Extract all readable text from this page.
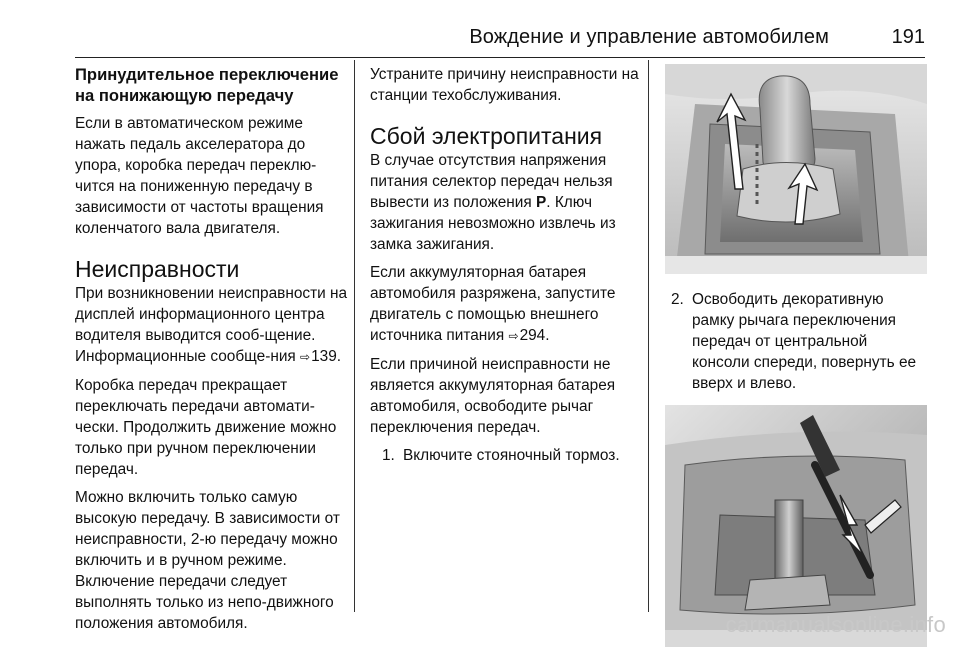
Вождение и управление автомобилем	191
Принудительное переключение на понижающую передачу
Если в автоматическом режиме нажать педаль акселератора до упора, коробка передач переклю-чится на пониженную передачу в зависимости от частоты вращения коленчатого вала двигателя.
Неисправности
При возникновении неисправности на дисплей информационного центра водителя выводится сооб-щение. Информационные сообще-ния ⇨139.
Коробка передач прекращает переключать передачи автомати-чески. Продолжить движение можно только при ручном переключении передач.
Можно включить только самую высокую передачу. В зависимости от неисправности, 2-ю передачу можно включить и в ручном режиме. Включение передачи следует выполнять только из непо-движного положения автомобиля.
Устраните причину неисправности на станции техобслуживания.
Сбой электропитания
В случае отсутствия напряжения питания селектор передач нельзя вывести из положения P. Ключ зажигания невозможно извлечь из замка зажигания.
Если аккумуляторная батарея автомобиля разряжена, запустите двигатель с помощью внешнего источника питания ⇨294.
Если причиной неисправности не является аккумуляторная батарея автомобиля, освободите рычаг переключения передач.
1. Включите стояночный тормоз.
2. Освободить декоративную рамку рычага переключения передач от центральной консоли спереди, повернуть ее вверх и влево.
carmanualsonline.info
